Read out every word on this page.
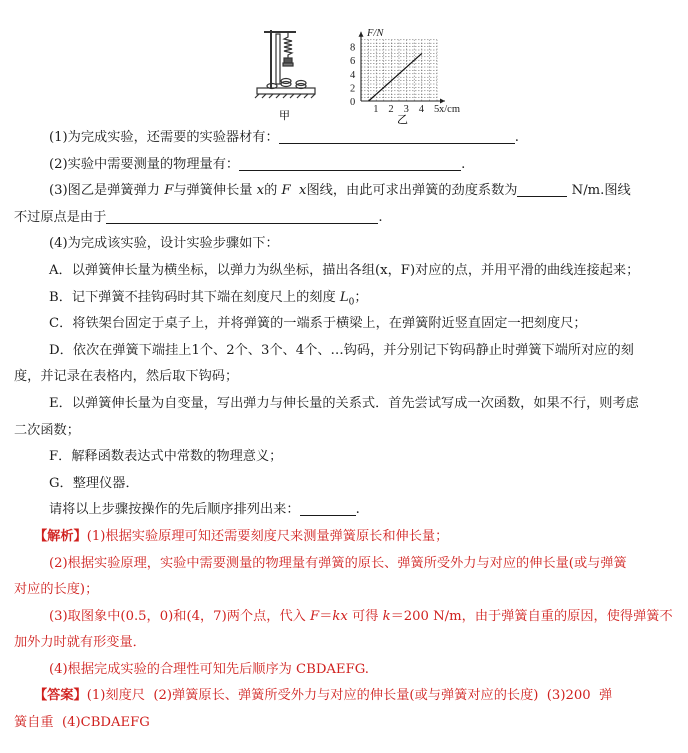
甲	1 2 3 4 5
0
2
4
6
8
F/N
x/cm
乙
(1)为完成实验，还需要的实验器材有：	.
(2)实验中需要测量的物理量有：	.
(3)图乙是弹簧弹力 F与弹簧伸长量 x的 F x图线，由此可求出弹簧的劲度系数为	N/m.图线
不过原点是由于	.
(4)为完成该实验，设计实验步骤如下：
A．以弹簧伸长量为横坐标，以弹力为纵坐标，描出各组(x，F)对应的点，并用平滑的曲线连接起来；
B．记下弹簧不挂钩码时其下端在刻度尺上的刻度 $L_0$；
C．将铁架台固定于桌子上，并将弹簧的一端系于横梁上，在弹簧附近竖直固定一把刻度尺；
D．依次在弹簧下端挂上1个、2个、3个、4个、…钩码，并分别记下钩码静止时弹簧下端所对应的刻
度，并记录在表格内，然后取下钩码；
E．以弹簧伸长量为自变量，写出弹力与伸长量的关系式．首先尝试写成一次函数，如果不行，则考虑
二次函数；
F．解释函数表达式中常数的物理意义；
G．整理仪器．
请将以上步骤按操作的先后顺序排列出来：	.
【解析】(1)根据实验原理可知还需要刻度尺来测量弹簧原长和伸长量；
(2)根据实验原理，实验中需要测量的物理量有弹簧的原长、弹簧所受外力与对应的伸长量(或与弹簧
对应的长度)；
(3)取图象中(0.5，0)和(4，7)两个点，代入 F＝kx 可得 k＝200 N/m，由于弹簧自重的原因，使得弹簧不
加外力时就有形变量．
(4)根据完成实验的合理性可知先后顺序为 CBDAEFG.
【答案】(1)刻度尺  (2)弹簧原长、弹簧所受外力与对应的伸长量(或与弹簧对应的长度)  (3)200  弹
簧自重  (4)CBDAEFG
